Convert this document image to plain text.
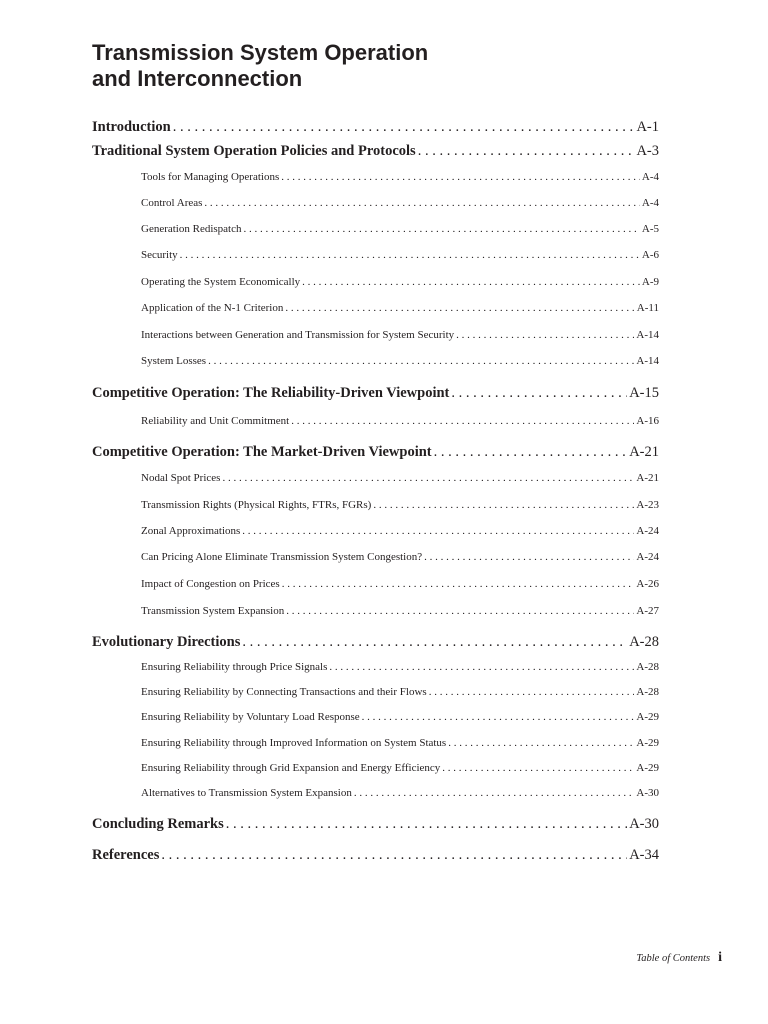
Transmission System Operation
and Interconnection
Introduction . . .	A-1
Traditional System Operation Policies and Protocols . . .	A-3
Tools for Managing Operations . . .	A-4
Control Areas . . .	A-4
Generation Redispatch . . .	A-5
Security . . .	A-6
Operating the System Economically . . .	A-9
Application of the N-1 Criterion . . .	A-11
Interactions between Generation and Transmission for System Security . . .	A-14
System Losses . . .	A-14
Competitive Operation: The Reliability-Driven Viewpoint . . .	A-15
Reliability and Unit Commitment . . .	A-16
Competitive Operation: The Market-Driven Viewpoint . . .	A-21
Nodal Spot Prices . . .	A-21
Transmission Rights (Physical Rights, FTRs, FGRs) . . .	A-23
Zonal Approximations . . .	A-24
Can Pricing Alone Eliminate Transmission System Congestion? . . .	A-24
Impact of Congestion on Prices . . .	A-26
Transmission System Expansion . . .	A-27
Evolutionary Directions . . .	A-28
Ensuring Reliability through Price Signals . . .	A-28
Ensuring Reliability by Connecting Transactions and their Flows . . .	A-28
Ensuring Reliability by Voluntary Load Response . . .	A-29
Ensuring Reliability through Improved Information on System Status . . .	A-29
Ensuring Reliability through Grid Expansion and Energy Efficiency . . .	A-29
Alternatives to Transmission System Expansion . . .	A-30
Concluding Remarks . . .	A-30
References . . .	A-34
Table of Contents i
